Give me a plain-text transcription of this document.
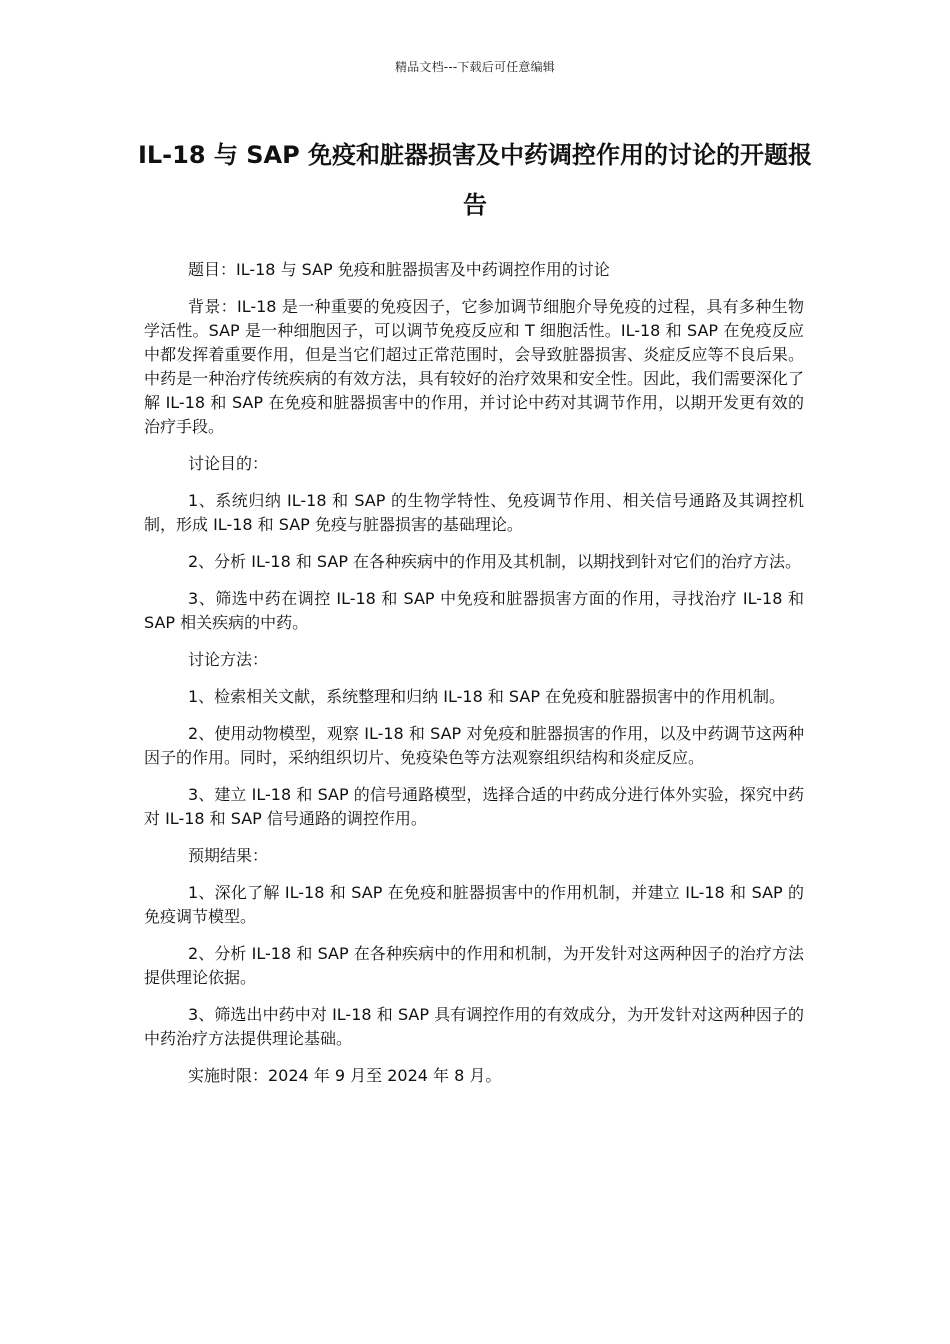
精品文档---下载后可任意编辑
IL-18 与 SAP 免疫和脏器损害及中药调控作用的讨论的开题报告

题目：IL-18 与 SAP 免疫和脏器损害及中药调控作用的讨论

背景：IL-18 是一种重要的免疫因子，它参加调节细胞介导免疫的过程，具有多种生物学活性。SAP 是一种细胞因子，可以调节免疫反应和 T 细胞活性。IL-18 和 SAP 在免疫反应中都发挥着重要作用，但是当它们超过正常范围时，会导致脏器损害、炎症反应等不良后果。中药是一种治疗传统疾病的有效方法，具有较好的治疗效果和安全性。因此，我们需要深化了解 IL-18 和 SAP 在免疫和脏器损害中的作用，并讨论中药对其调节作用，以期开发更有效的治疗手段。

讨论目的：

1、系统归纳 IL-18 和 SAP 的生物学特性、免疫调节作用、相关信号通路及其调控机制，形成 IL-18 和 SAP 免疫与脏器损害的基础理论。

2、分析 IL-18 和 SAP 在各种疾病中的作用及其机制，以期找到针对它们的治疗方法。

3、筛选中药在调控 IL-18 和 SAP 中免疫和脏器损害方面的作用，寻找治疗 IL-18 和 SAP 相关疾病的中药。

讨论方法：

1、检索相关文献，系统整理和归纳 IL-18 和 SAP 在免疫和脏器损害中的作用机制。

2、使用动物模型，观察 IL-18 和 SAP 对免疫和脏器损害的作用，以及中药调节这两种因子的作用。同时，采纳组织切片、免疫染色等方法观察组织结构和炎症反应。

3、建立 IL-18 和 SAP 的信号通路模型，选择合适的中药成分进行体外实验，探究中药对 IL-18 和 SAP 信号通路的调控作用。

预期结果：

1、深化了解 IL-18 和 SAP 在免疫和脏器损害中的作用机制，并建立 IL-18 和 SAP 的免疫调节模型。

2、分析 IL-18 和 SAP 在各种疾病中的作用和机制，为开发针对这两种因子的治疗方法提供理论依据。

3、筛选出中药中对 IL-18 和 SAP 具有调控作用的有效成分，为开发针对这两种因子的中药治疗方法提供理论基础。

实施时限：2024 年 9 月至 2024 年 8 月。
